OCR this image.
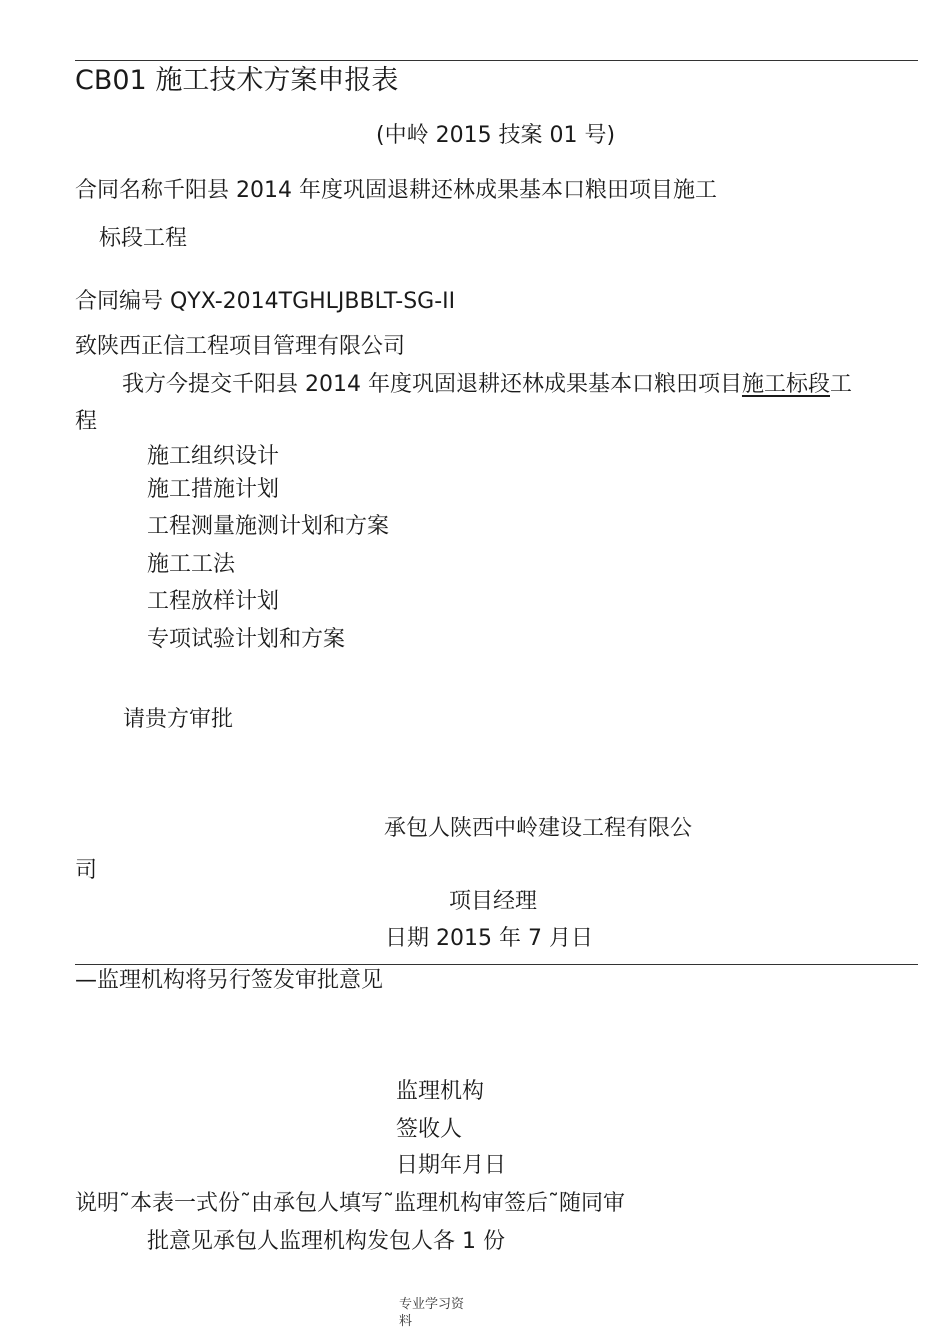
CB01 施工技术方案申报表
(中岭 2015 技案 01 号)
合同名称千阳县 2014 年度巩固退耕还林成果基本口粮田项目施工
标段工程
合同编号 QYX-2014TGHLJBBLT-SG-II
致陕西正信工程项目管理有限公司
我方今提交千阳县 2014 年度巩固退耕还林成果基本口粮田项目施工标段工
程
施工组织设计
施工措施计划
工程测量施测计划和方案
施工工法
工程放样计划
专项试验计划和方案
请贵方审批
承包人陕西中岭建设工程有限公
司
项目经理
日期 2015 年 7 月日
—监理机构将另行签发审批意见
监理机构
签收人
日期年月日
说明˜本表一式份˜由承包人填写˜监理机构审签后˜随同审
批意见承包人监理机构发包人各 1 份
专业学习资
料
